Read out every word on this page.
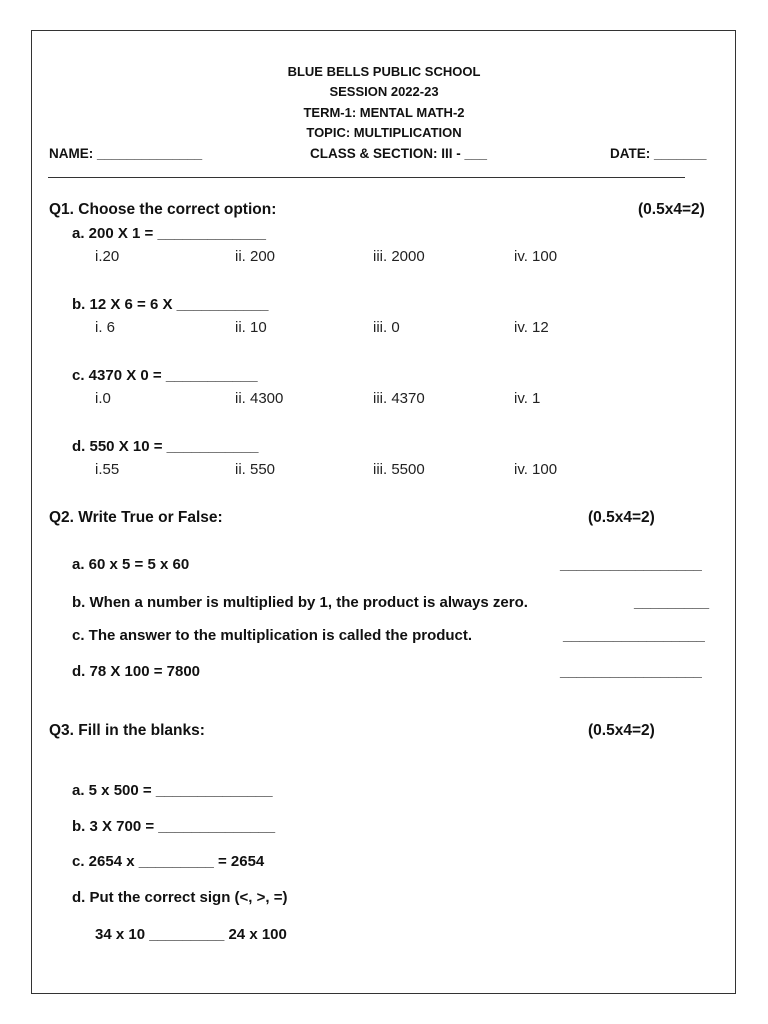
BLUE BELLS PUBLIC SCHOOL
SESSION 2022-23
TERM-1: MENTAL MATH-2
TOPIC: MULTIPLICATION
NAME: ______________	CLASS & SECTION: III - ___	DATE: _______
Q1. Choose the correct option:	(0.5x4=2)
a. 200 X 1 = _____________
i.20	ii. 200	iii. 2000	iv. 100
b. 12 X 6 = 6 X ___________
i. 6	ii. 10	iii. 0	iv. 12
c. 4370 X 0 = ___________
i.0	ii. 4300	iii. 4370	iv. 1
d. 550 X 10 = ___________
i.55	ii. 550	iii. 5500	iv. 100
Q2. Write True or False:	(0.5x4=2)
a. 60 x 5 = 5 x 60	_________________
b. When a number is multiplied by 1, the product is always zero.	_________
c. The answer to the multiplication is called the product.	_________________
d. 78 X 100 = 7800	_________________
Q3. Fill in the blanks:	(0.5x4=2)
a. 5 x 500 = ______________
b. 3 X 700 = ______________
c. 2654 x _________ = 2654
d. Put the correct sign (<, >, =)
34 x 10 _________ 24 x 100
